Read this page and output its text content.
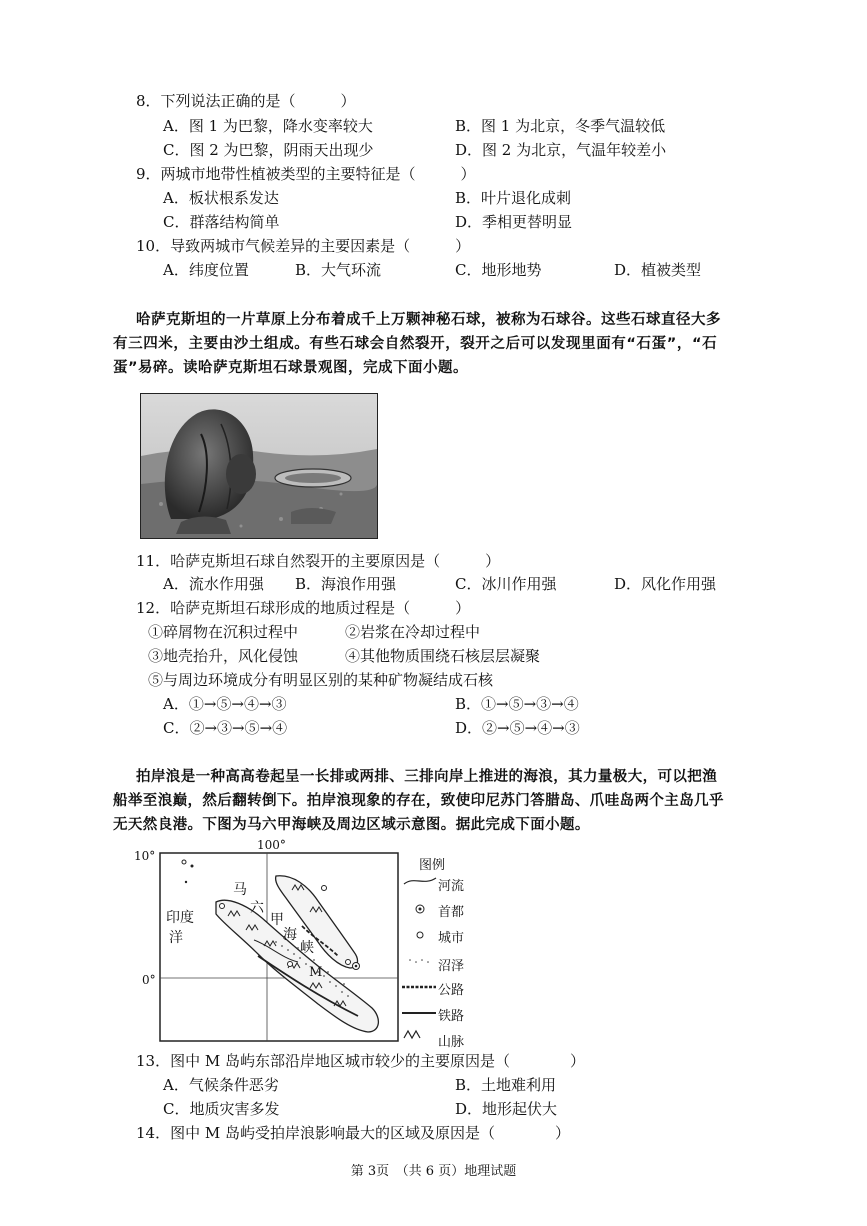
8．下列说法正确的是（　　　）
A．图 1 为巴黎，降水变率较大	B．图 1 为北京，冬季气温较低
C．图 2 为巴黎，阴雨天出现少	D．图 2 为北京，气温年较差小
9．两城市地带性植被类型的主要特征是（　　　）
A．板状根系发达	B．叶片退化成刺
C．群落结构简单	D．季相更替明显
10．导致两城市气候差异的主要因素是（　　　）
A．纬度位置	B．大气环流	C．地形地势	D．植被类型
哈萨克斯坦的一片草原上分布着成千上万颗神秘石球，被称为石球谷。这些石球直径大多
有三四米，主要由沙土组成。有些石球会自然裂开，裂开之后可以发现里面有“石蛋”，“石
蛋”易碎。读哈萨克斯坦石球景观图，完成下面小题。
11．哈萨克斯坦石球自然裂开的主要原因是（　　　）
A．流水作用强 B．海浪作用强	C．冰川作用强	D．风化作用强
12．哈萨克斯坦石球形成的地质过程是（　　　）
①碎屑物在沉积过程中	②岩浆在冷却过程中
③地壳抬升，风化侵蚀	④其他物质围绕石核层层凝聚
⑤与周边环境成分有明显区别的某种矿物凝结成石核
A．①→⑤→④→③	B．①→⑤→③→④
C．②→③→⑤→④	D．②→⑤→④→③
拍岸浪是一种高高卷起呈一长排或两排、三排向岸上推进的海浪，其力量极大，可以把渔
船举至浪巅，然后翻转倒下。拍岸浪现象的存在，致使印尼苏门答腊岛、爪哇岛两个主岛几乎
无天然良港。下图为马六甲海峡及周边区域示意图。据此完成下面小题。
10°
0°
100°
印 度
洋
马
六
甲
海
峡
M
图例
河流
首都
城市
沼泽
公路
铁路
山脉
13．图中 M 岛屿东部沿岸地区城市较少的主要原因是（　　　　）
A．气候条件恶劣	B．土地难利用
C．地质灾害多发	D．地形起伏大
14．图中 M 岛屿受拍岸浪影响最大的区域及原因是（　　　　）
第 3页　（共 6 页）地理试题
